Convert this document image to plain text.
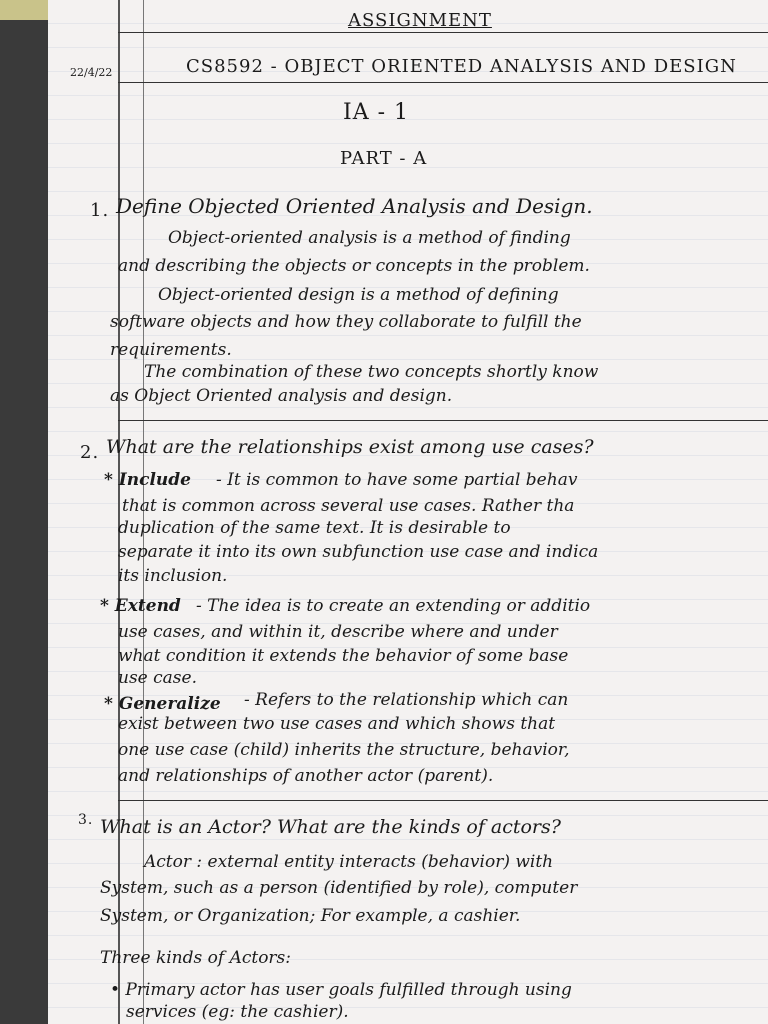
ASSIGNMENT
22/4/22	CS8592 - OBJECT ORIENTED ANALYSIS AND DESIGN
IA - 1
PART - A
1. Define Objected Oriented Analysis and Design.
Object-oriented analysis is a method of finding
and describing the objects or concepts in the problem.
Object-oriented design is a method of defining
software objects and how they collaborate to fulfill the
requirements.
The combination of these two concepts shortly know
as Object Oriented analysis and design.
2. What are the relationships exist among use cases?
* Include - It is common to have some partial behav
that is common across several use cases. Rather tha
duplication of the same text. It is desirable to
separate it into its own subfunction use case and indica
its inclusion.
* Extend - The idea is to create an extending or additio
use cases, and within it, describe where and under
what condition it extends the behavior of some base
use case.
* Generalize - Refers to the relationship which can
exist between two use cases and which shows that
one use case (child) inherits the structure, behavior,
and relationships of another actor (parent).
3. What is an Actor? What are the kinds of actors?
Actor : external entity interacts (behavior) with
System, such as a person (identified by role), computer
System, or Organization; For example, a cashier.
Three kinds of Actors:
• Primary actor has user goals fulfilled through using
services (eg: the cashier).
